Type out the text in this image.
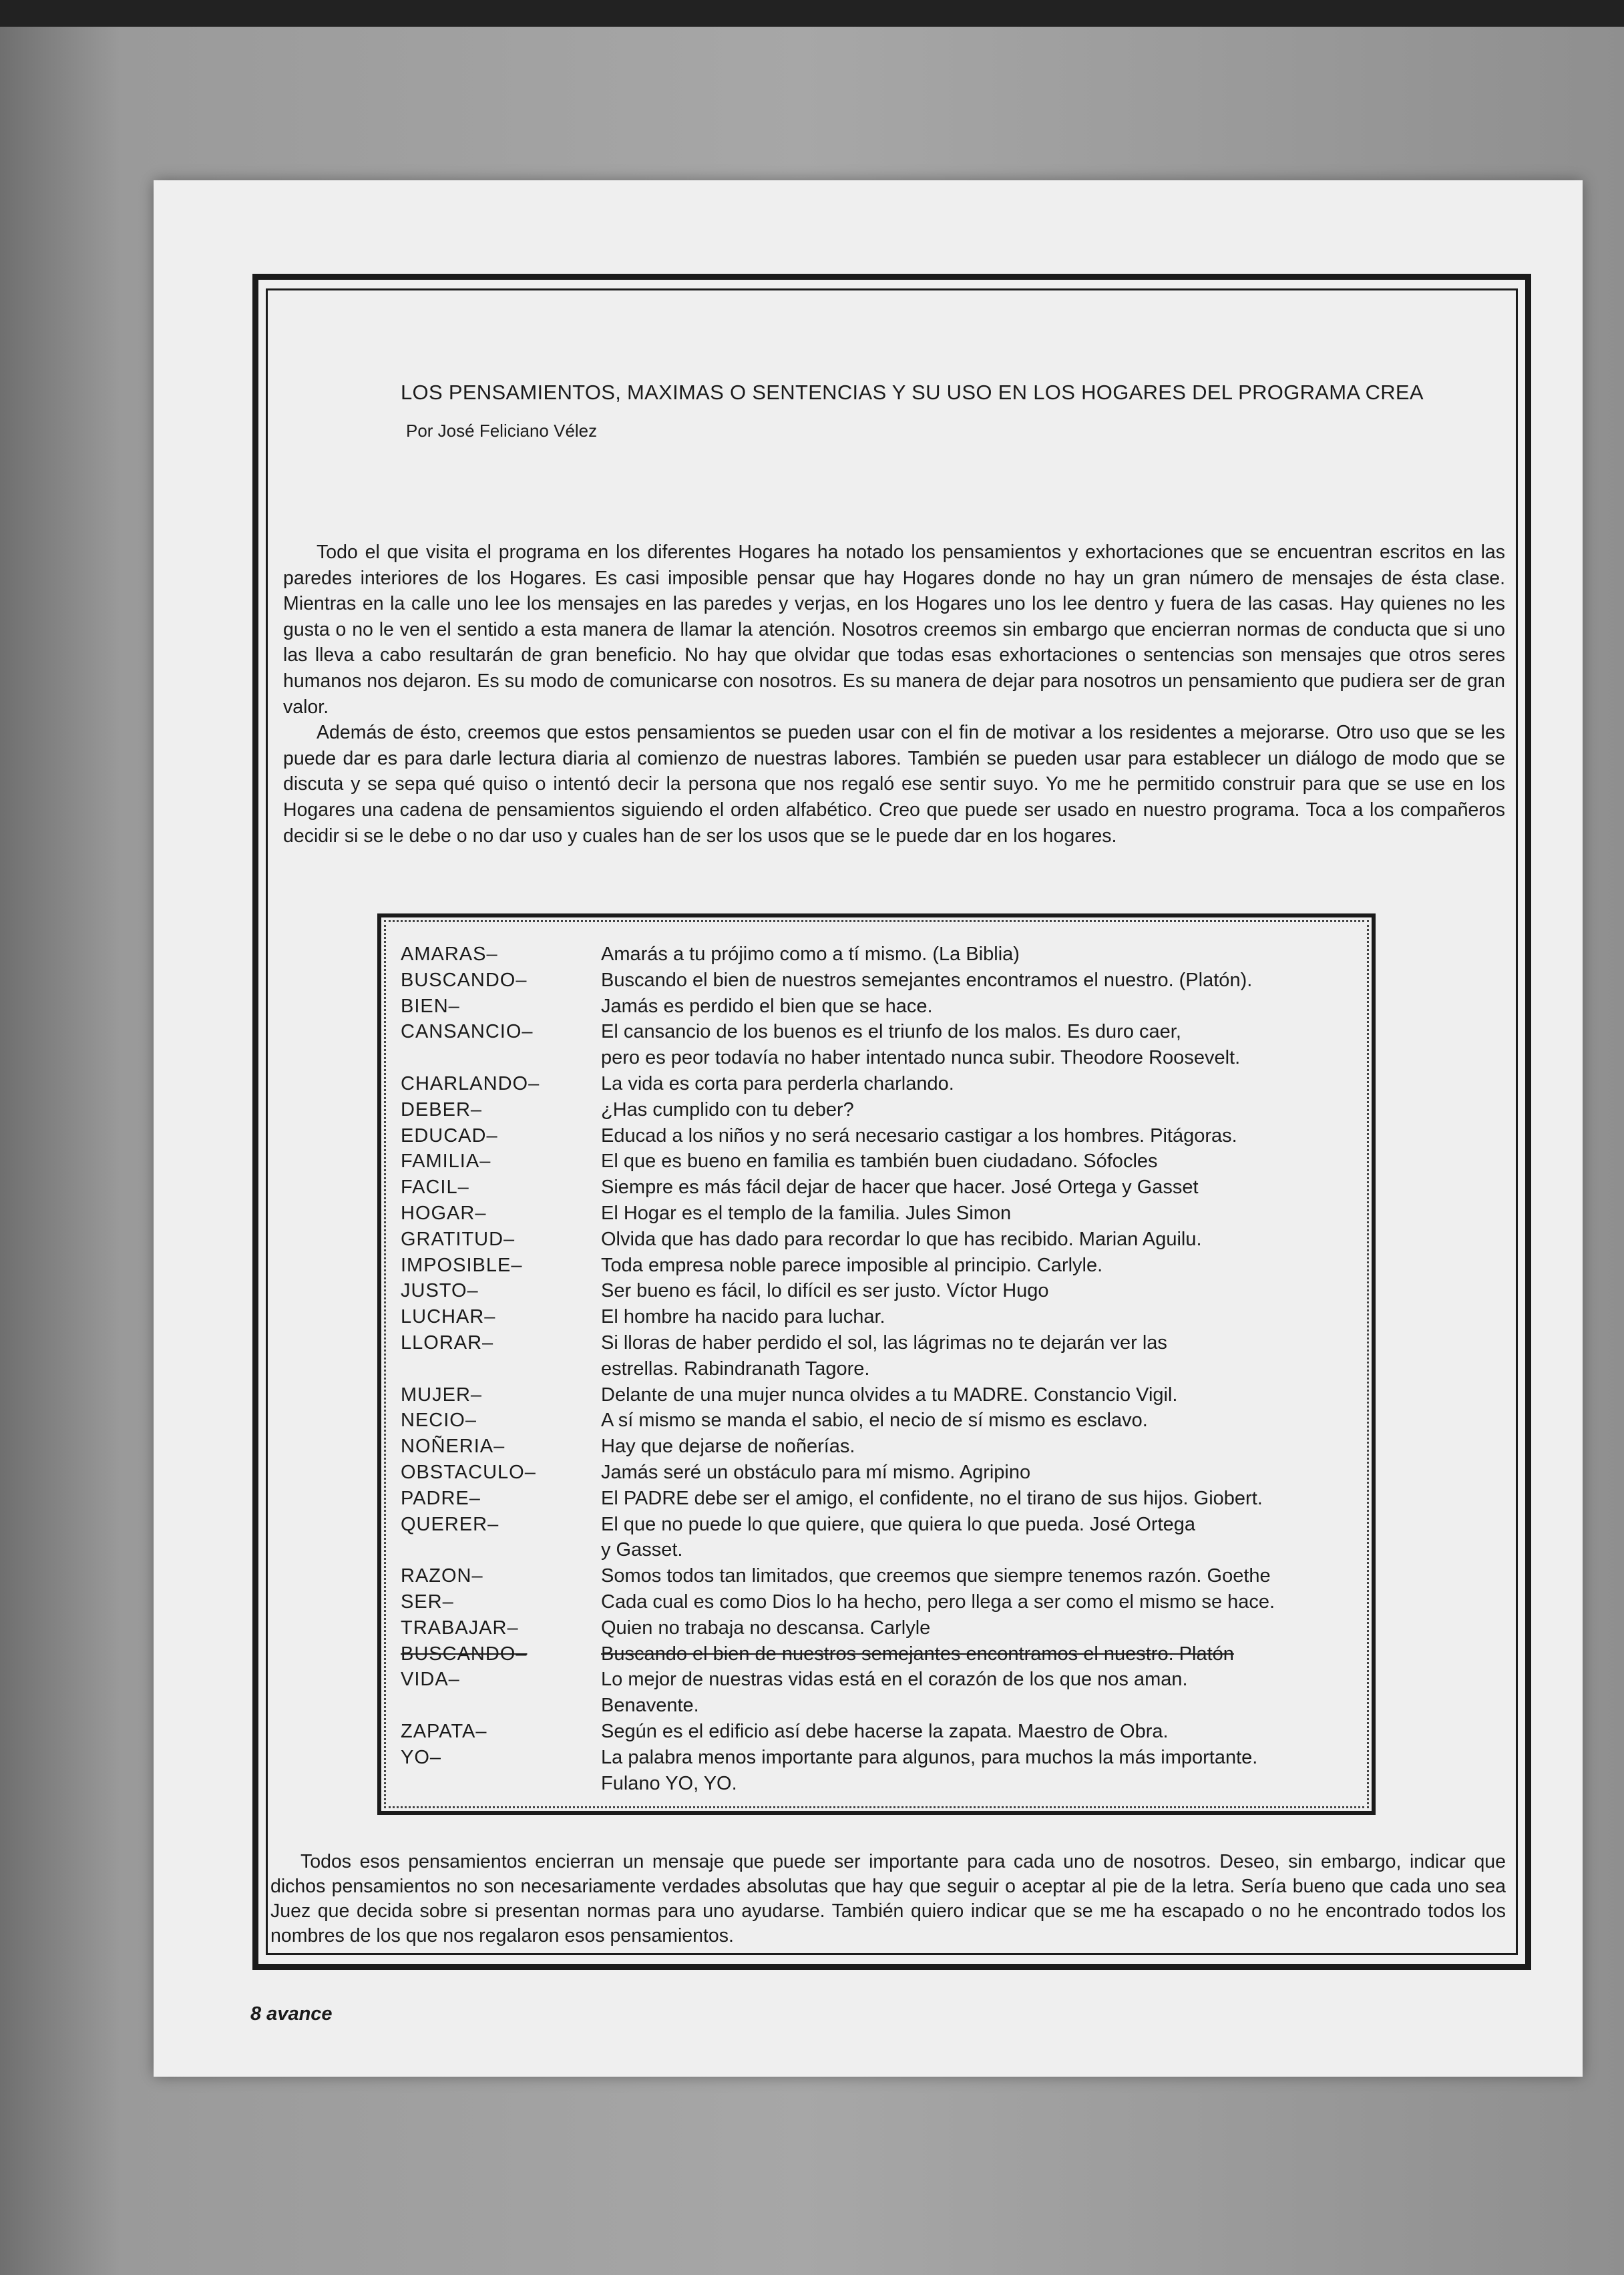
LOS PENSAMIENTOS, MAXIMAS O SENTENCIAS Y SU USO EN LOS HOGARES DEL PROGRAMA CREA
Por José Feliciano Vélez

Todo el que visita el programa en los diferentes Hogares ha notado los pensamientos y exhortaciones que se encuentran escritos en las paredes interiores de los Hogares. Es casi imposible pensar que hay Hogares donde no hay un gran número de mensajes de ésta clase. Mientras en la calle uno lee los mensajes en las paredes y verjas, en los Hogares uno los lee dentro y fuera de las casas. Hay quienes no les gusta o no le ven el sentido a esta manera de llamar la atención. Nosotros creemos sin embargo que encierran normas de conducta que si uno las lleva a cabo resultarán de gran beneficio. No hay que olvidar que todas esas exhortaciones o sentencias son mensajes que otros seres humanos nos dejaron. Es su modo de comunicarse con nosotros. Es su manera de dejar para nosotros un pensamiento que pudiera ser de gran valor.

Además de ésto, creemos que estos pensamientos se pueden usar con el fin de motivar a los residentes a mejorarse. Otro uso que se les puede dar es para darle lectura diaria al comienzo de nuestras labores. También se pueden usar para establecer un diálogo de modo que se discuta y se sepa qué quiso o intentó decir la persona que nos regaló ese sentir suyo. Yo me he permitido construir para que se use en los Hogares una cadena de pensamientos siguiendo el orden alfabético. Creo que puede ser usado en nuestro programa. Toca a los compañeros decidir si se le debe o no dar uso y cuales han de ser los usos que se le puede dar en los hogares.

AMARAS–	Amarás a tu prójimo como a tí mismo. (La Biblia)
BUSCANDO–	Buscando el bien de nuestros semejantes encontramos el nuestro. (Platón).
BIEN–	Jamás es perdido el bien que se hace.
CANSANCIO–	El cansancio de los buenos es el triunfo de los malos. Es duro caer,
pero es peor todavía no haber intentado nunca subir. Theodore Roosevelt.
CHARLANDO–	La vida es corta para perderla charlando.
DEBER–	¿Has cumplido con tu deber?
EDUCAD–	Educad a los niños y no será necesario castigar a los hombres. Pitágoras.
FAMILIA–	El que es bueno en familia es también buen ciudadano. Sófocles
FACIL–	Siempre es más fácil dejar de hacer que hacer. José Ortega y Gasset
HOGAR–	El Hogar es el templo de la familia. Jules Simon
GRATITUD–	Olvida que has dado para recordar lo que has recibido. Marian Aguilu.
IMPOSIBLE–	Toda empresa noble parece imposible al principio. Carlyle.
JUSTO–	Ser bueno es fácil, lo difícil es ser justo. Víctor Hugo
LUCHAR–	El hombre ha nacido para luchar.
LLORAR–	Si lloras de haber perdido el sol, las lágrimas no te dejarán ver las
estrellas. Rabindranath Tagore.
MUJER–	Delante de una mujer nunca olvides a tu MADRE. Constancio Vigil.
NECIO–	A sí mismo se manda el sabio, el necio de sí mismo es esclavo.
NOÑERIA–	Hay que dejarse de noñerías.
OBSTACULO–	Jamás seré un obstáculo para mí mismo. Agripino
PADRE–	El PADRE debe ser el amigo, el confidente, no el tirano de sus hijos. Giobert.
QUERER–	El que no puede lo que quiere, que quiera lo que pueda. José Ortega
y Gasset.
RAZON–	Somos todos tan limitados, que creemos que siempre tenemos razón. Goethe
SER–	Cada cual es como Dios lo ha hecho, pero llega a ser como el mismo se hace.
TRABAJAR–	Quien no trabaja no descansa. Carlyle
BUSCANDO–	Buscando el bien de nuestros semejantes encontramos el nuestro. Platón
VIDA–	Lo mejor de nuestras vidas está en el corazón de los que nos aman.
Benavente.
ZAPATA–	Según es el edificio así debe hacerse la zapata. Maestro de Obra.
YO–	La palabra menos importante para algunos, para muchos la más importante.
Fulano YO, YO.

Todos esos pensamientos encierran un mensaje que puede ser importante para cada uno de nosotros. Deseo, sin embargo, indicar que dichos pensamientos no son necesariamente verdades absolutas que hay que seguir o aceptar al pie de la letra. Sería bueno que cada uno sea Juez que decida sobre si presentan normas para uno ayudarse. También quiero indicar que se me ha escapado o no he encontrado todos los nombres de los que nos regalaron esos pensamientos.

8 avance
